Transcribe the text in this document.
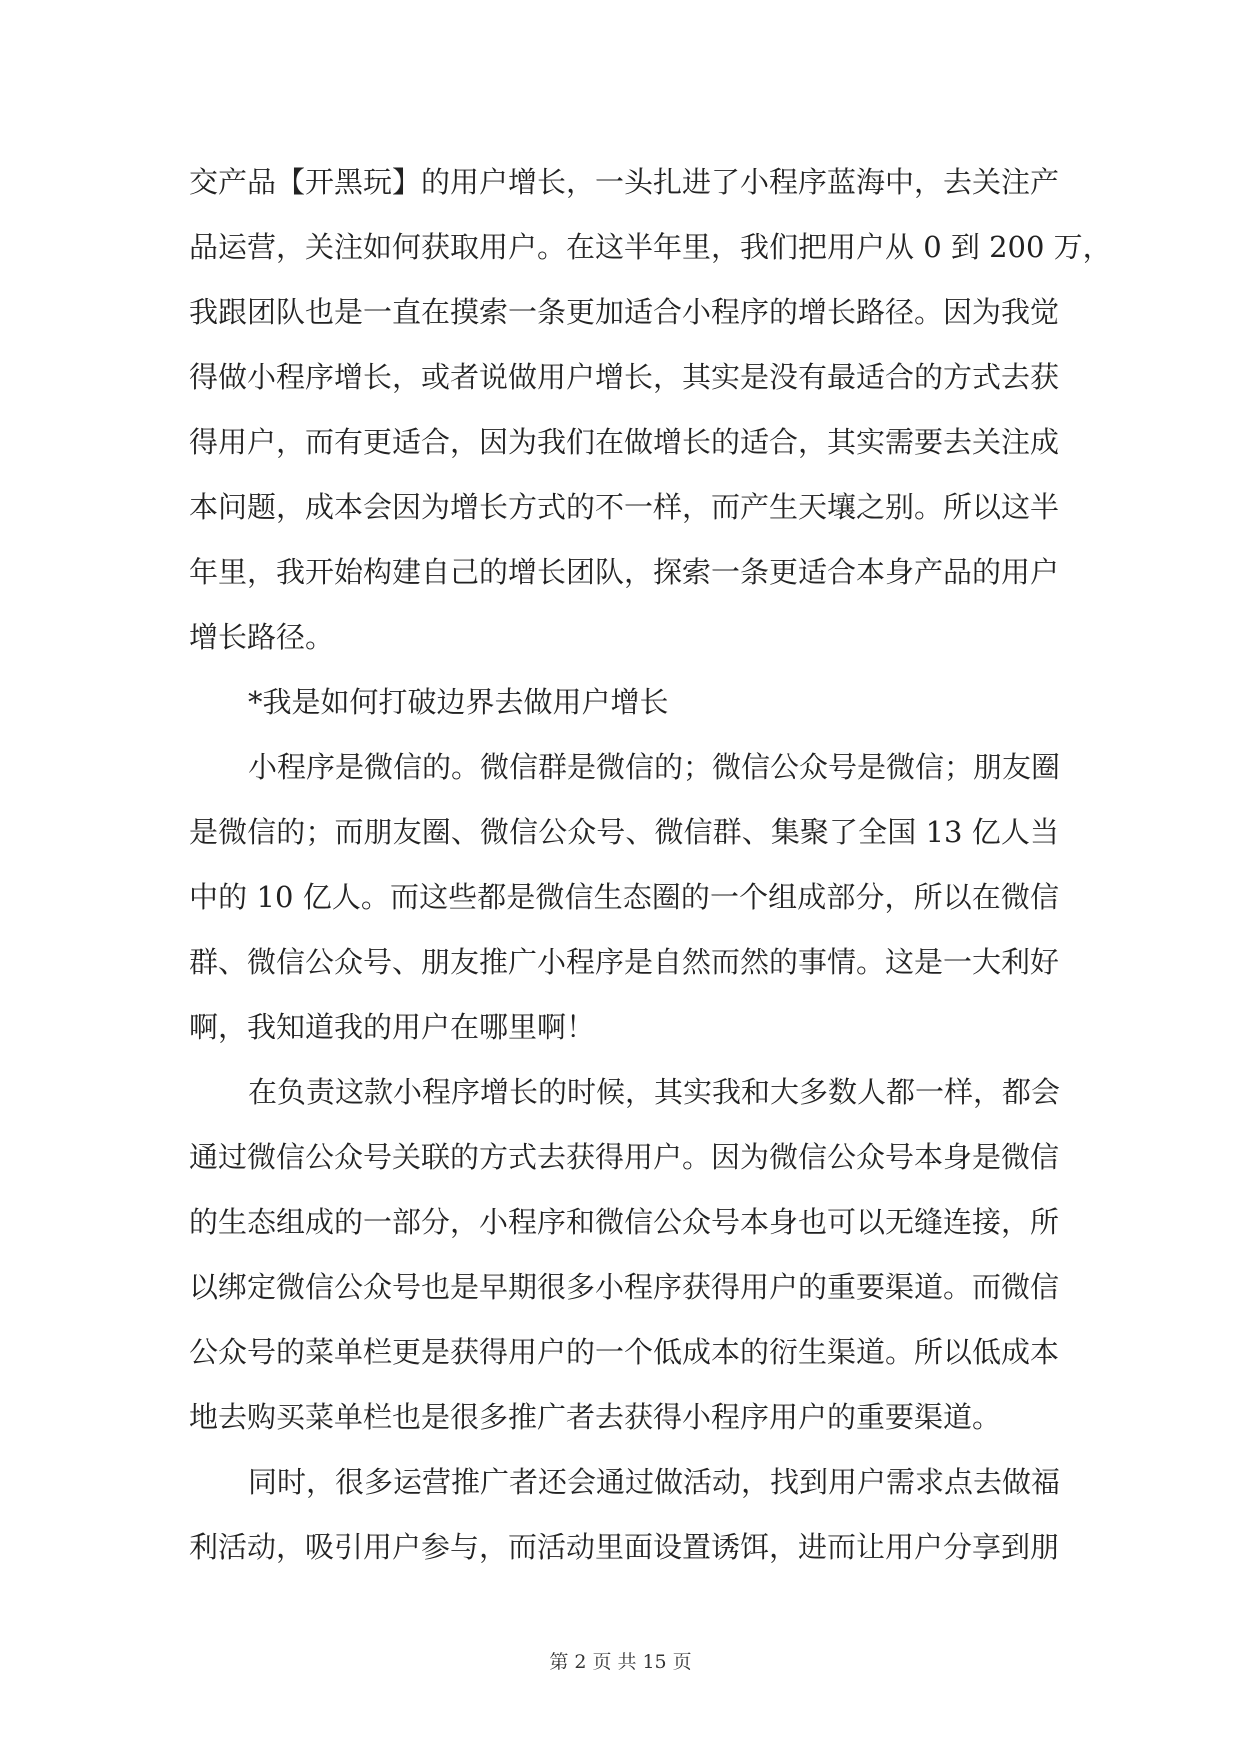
交产品【开黑玩】的用户增长，一头扎进了小程序蓝海中，去关注产
品运营，关注如何获取用户。在这半年里，我们把用户从 0 到 200 万，
我跟团队也是一直在摸索一条更加适合小程序的增长路径。因为我觉
得做小程序增长，或者说做用户增长，其实是没有最适合的方式去获
得用户，而有更适合，因为我们在做增长的适合，其实需要去关注成
本问题，成本会因为增长方式的不一样，而产生天壤之别。所以这半
年里，我开始构建自己的增长团队，探索一条更适合本身产品的用户
增长路径。
*我是如何打破边界去做用户增长
小程序是微信的。微信群是微信的；微信公众号是微信；朋友圈
是微信的；而朋友圈、微信公众号、微信群、集聚了全国 13 亿人当
中的 10 亿人。而这些都是微信生态圈的一个组成部分，所以在微信
群、微信公众号、朋友推广小程序是自然而然的事情。这是一大利好
啊，我知道我的用户在哪里啊！
在负责这款小程序增长的时候，其实我和大多数人都一样，都会
通过微信公众号关联的方式去获得用户。因为微信公众号本身是微信
的生态组成的一部分，小程序和微信公众号本身也可以无缝连接，所
以绑定微信公众号也是早期很多小程序获得用户的重要渠道。而微信
公众号的菜单栏更是获得用户的一个低成本的衍生渠道。所以低成本
地去购买菜单栏也是很多推广者去获得小程序用户的重要渠道。
同时，很多运营推广者还会通过做活动，找到用户需求点去做福
利活动，吸引用户参与，而活动里面设置诱饵，进而让用户分享到朋
第 2 页 共 15 页
